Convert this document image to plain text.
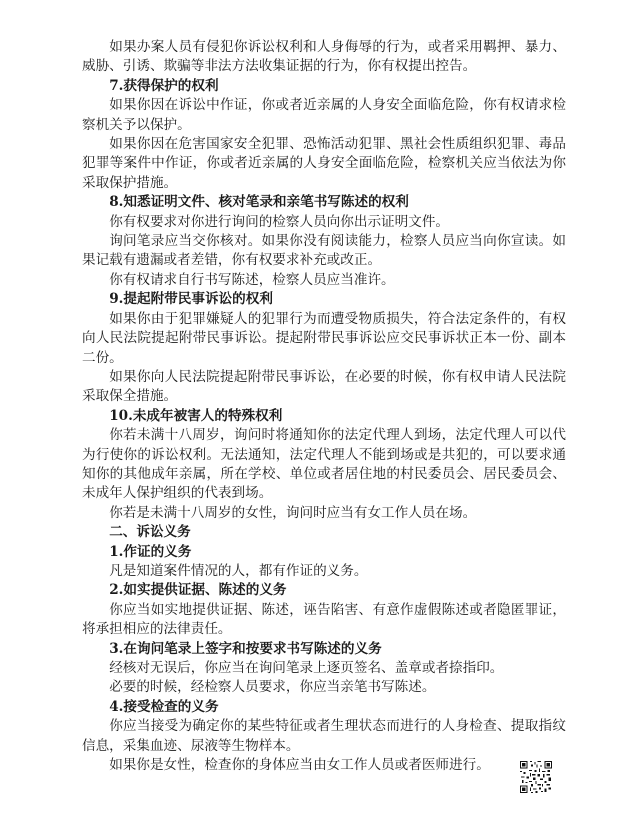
如果办案人员有侵犯你诉讼权利和人身侮辱的行为，或者采用羁押、暴力、威胁、引诱、欺骗等非法方法收集证据的行为，你有权提出控告。

7.获得保护的权利

如果你因在诉讼中作证，你或者近亲属的人身安全面临危险，你有权请求检察机关予以保护。

如果你因在危害国家安全犯罪、恐怖活动犯罪、黑社会性质组织犯罪、毒品犯罪等案件中作证，你或者近亲属的人身安全面临危险，检察机关应当依法为你采取保护措施。

8.知悉证明文件、核对笔录和亲笔书写陈述的权利

你有权要求对你进行询问的检察人员向你出示证明文件。

询问笔录应当交你核对。如果你没有阅读能力，检察人员应当向你宣读。如果记载有遗漏或者差错，你有权要求补充或改正。

你有权请求自行书写陈述，检察人员应当准许。

9.提起附带民事诉讼的权利

如果你由于犯罪嫌疑人的犯罪行为而遭受物质损失，符合法定条件的，有权向人民法院提起附带民事诉讼。提起附带民事诉讼应交民事诉状正本一份、副本二份。

如果你向人民法院提起附带民事诉讼，在必要的时候，你有权申请人民法院采取保全措施。

10.未成年被害人的特殊权利

你若未满十八周岁，询问时将通知你的法定代理人到场，法定代理人可以代为行使你的诉讼权利。无法通知，法定代理人不能到场或是共犯的，可以要求通知你的其他成年亲属，所在学校、单位或者居住地的村民委员会、居民委员会、未成年人保护组织的代表到场。

你若是未满十八周岁的女性，询问时应当有女工作人员在场。

二、诉讼义务

1.作证的义务

凡是知道案件情况的人，都有作证的义务。

2.如实提供证据、陈述的义务

你应当如实地提供证据、陈述，诬告陷害、有意作虚假陈述或者隐匿罪证，将承担相应的法律责任。

3.在询问笔录上签字和按要求书写陈述的义务

经核对无误后，你应当在询问笔录上逐页签名、盖章或者捺指印。

必要的时候，经检察人员要求，你应当亲笔书写陈述。

4.接受检查的义务

你应当接受为确定你的某些特征或者生理状态而进行的人身检查、提取指纹信息，采集血迹、尿液等生物样本。

如果你是女性，检查你的身体应当由女工作人员或者医师进行。
